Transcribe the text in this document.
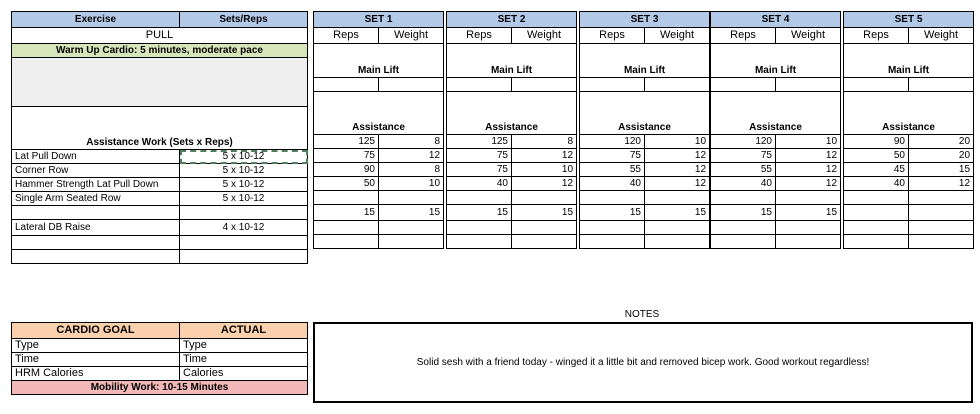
Exercise	Sets/Reps
PULL	
Warm Up Cardio: 5 minutes, moderate pace	

Assistance Work (Sets x Reps)	
Lat Pull Down	5 x 10-12
Corner Row	5 x 10-12
Hammer Strength Lat Pull Down	5 x 10-12
Single Arm Seated Row	5 x 10-12

Lateral DB Raise	4 x 10-12

SET 1	
Reps	Weight
Main Lift	

Assistance	
125	8
75	12
90	8
50	10

15	15

SET 2	
Reps	Weight
Main Lift	

Assistance	
125	8
75	12
75	10
40	12

15	15

SET 3	
Reps	Weight
Main Lift	

Assistance	
120	10
75	12
55	12
40	12

15	15

SET 4	
Reps	Weight
Main Lift	

Assistance	
120	10
75	12
55	12
40	12

15	15

SET 5	
Reps	Weight
Main Lift	

Assistance	
90	20
50	20
45	15
40	12

CARDIO GOAL	ACTUAL
Type	Type
Time	Time
HRM Calories	Calories
Mobility Work: 10-15 Minutes	
NOTES
Solid sesh with a friend today - winged it a little bit and removed bicep work. Good workout regardless!
